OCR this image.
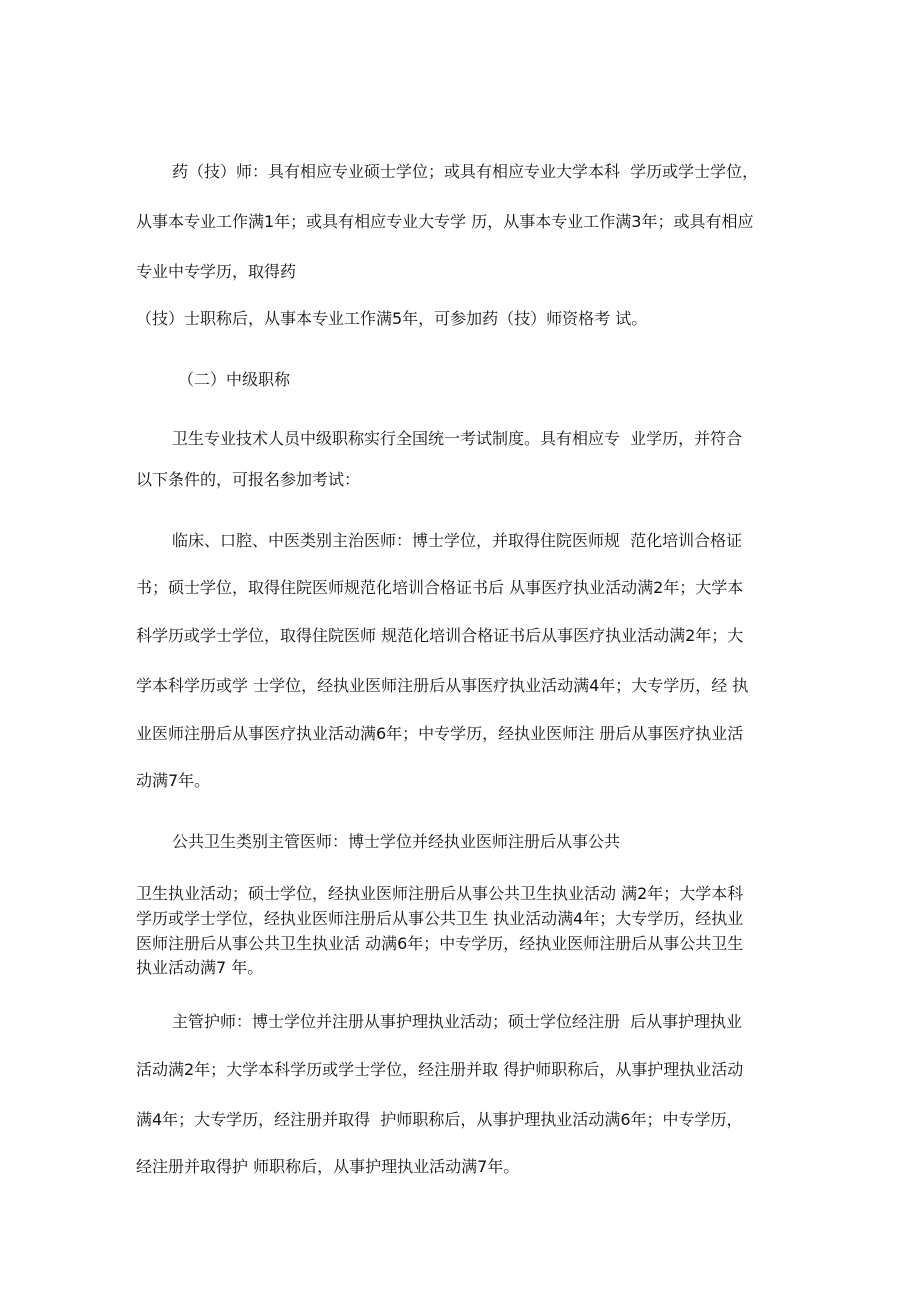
药（技）师：具有相应专业硕士学位；或具有相应专业大学本科  学历或学士学位，
从事本专业工作满1年；或具有相应专业大专学 历，从事本专业工作满3年；或具有相应
专业中专学历，取得药
（技）士职称后，从事本专业工作满5年，可参加药（技）师资格考 试。
（二）中级职称
卫生专业技术人员中级职称实行全国统一考试制度。具有相应专  业学历，并符合
以下条件的，可报名参加考试：
临床、口腔、中医类别主治医师：博士学位，并取得住院医师规  范化培训合格证
书；硕士学位，取得住院医师规范化培训合格证书后 从事医疗执业活动满2年；大学本
科学历或学士学位，取得住院医师 规范化培训合格证书后从事医疗执业活动满2年；大
学本科学历或学 士学位，经执业医师注册后从事医疗执业活动满4年；大专学历，经 执
业医师注册后从事医疗执业活动满6年；中专学历，经执业医师注 册后从事医疗执业活
动满7年。
公共卫生类别主管医师：博士学位并经执业医师注册后从事公共
卫生执业活动；硕士学位，经执业医师注册后从事公共卫生执业活动 满2年；大学本科
学历或学士学位，经执业医师注册后从事公共卫生 执业活动满4年；大专学历，经执业
医师注册后从事公共卫生执业活 动满6年；中专学历，经执业医师注册后从事公共卫生
执业活动满7 年。
主管护师：博士学位并注册从事护理执业活动；硕士学位经注册  后从事护理执业
活动满2年；大学本科学历或学士学位，经注册并取 得护师职称后，从事护理执业活动
满4年；大专学历，经注册并取得  护师职称后，从事护理执业活动满6年；中专学历，
经注册并取得护 师职称后，从事护理执业活动满7年。
